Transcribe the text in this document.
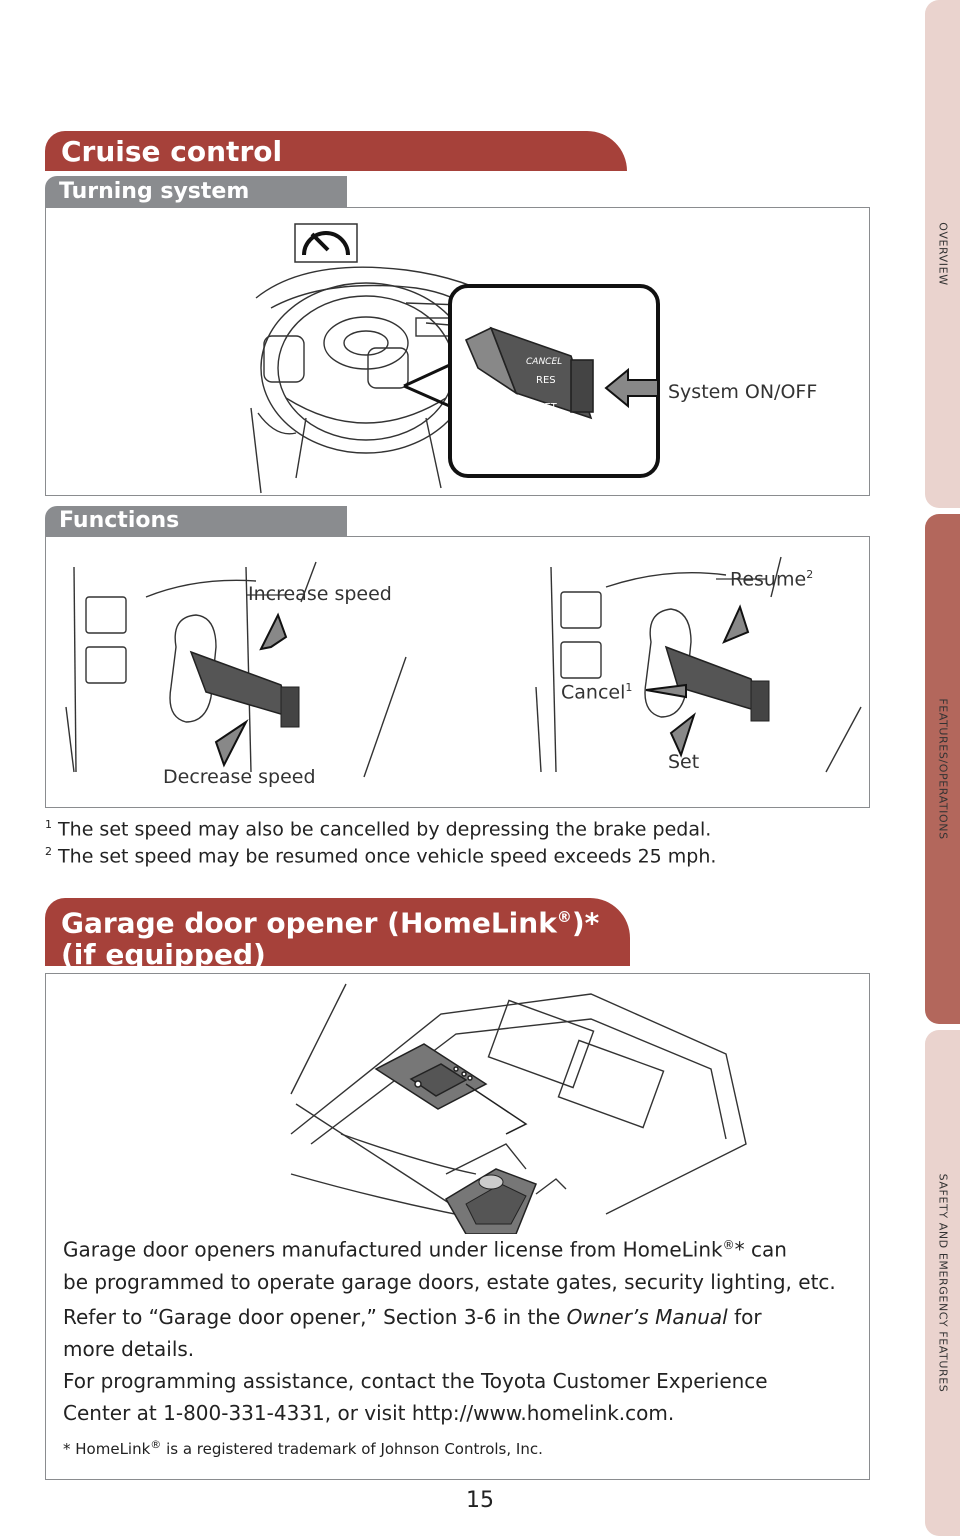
OVERVIEW
FEATURES/OPERATIONS
SAFETY AND EMERGENCY FEATURES
Cruise control
Turning system
CANCEL
RES
SET
System ON/OFF
Functions
Increase speed
Decrease speed
Resume$^2$
Cancel$^1$
Set
$^1$ The set speed may also be cancelled by depressing the brake pedal.
$^2$ The set speed may be resumed once vehicle speed exceeds 25 mph.
Garage door opener (HomeLink®)*
(if equipped)
Garage door openers manufactured under license from HomeLink®* can
be programmed to operate garage doors, estate gates, security lighting, etc.
Refer to “Garage door opener,” Section 3-6 in the Owner’s Manual for
more details.
For programming assistance, contact the Toyota Customer Experience
Center at 1-800-331-4331, or visit http://www.homelink.com.
* HomeLink® is a registered trademark of Johnson Controls, Inc.
15
